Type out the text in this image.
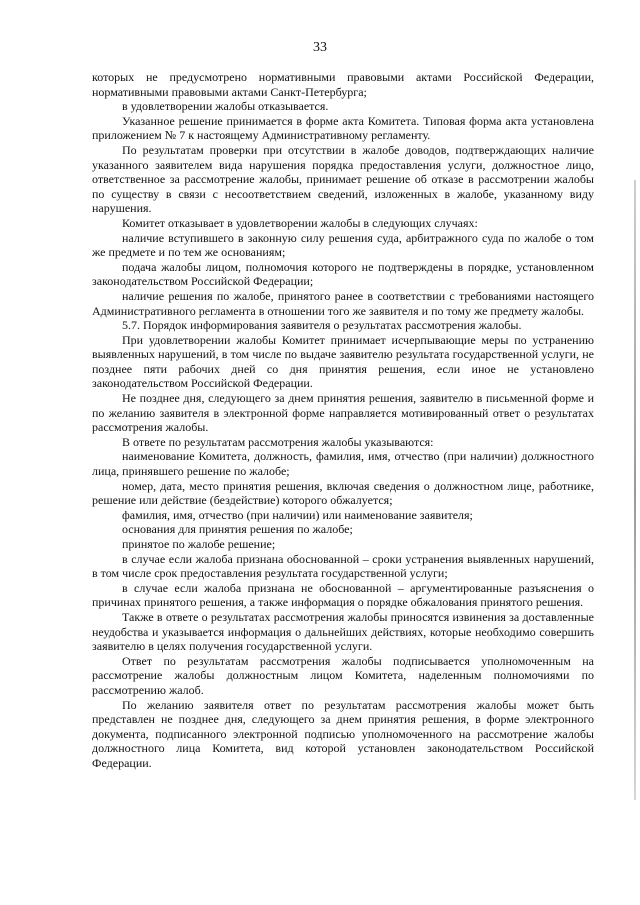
33

которых не предусмотрено нормативными правовыми актами Российской Федерации, нормативными правовыми актами Санкт-Петербурга;

в удовлетворении жалобы отказывается.

Указанное решение принимается в форме акта Комитета. Типовая форма акта установлена приложением № 7 к настоящему Административному регламенту.

По результатам проверки при отсутствии в жалобе доводов, подтверждающих наличие указанного заявителем вида нарушения порядка предоставления услуги, должностное лицо, ответственное за рассмотрение жалобы, принимает решение об отказе в рассмотрении жалобы по существу в связи с несоответствием сведений, изложенных в жалобе, указанному виду нарушения.

Комитет отказывает в удовлетворении жалобы в следующих случаях:

наличие вступившего в законную силу решения суда, арбитражного суда по жалобе о том же предмете и по тем же основаниям;

подача жалобы лицом, полномочия которого не подтверждены в порядке, установленном законодательством Российской Федерации;

наличие решения по жалобе, принятого ранее в соответствии с требованиями настоящего Административного регламента в отношении того же заявителя и по тому же предмету жалобы.

5.7. Порядок информирования заявителя о результатах рассмотрения жалобы.

При удовлетворении жалобы Комитет принимает исчерпывающие меры по устранению выявленных нарушений, в том числе по выдаче заявителю результата государственной услуги, не позднее пяти рабочих дней со дня принятия решения, если иное не установлено законодательством Российской Федерации.

Не позднее дня, следующего за днем принятия решения, заявителю в письменной форме и по желанию заявителя в электронной форме направляется мотивированный ответ о результатах рассмотрения жалобы.

В ответе по результатам рассмотрения жалобы указываются:

наименование Комитета, должность, фамилия, имя, отчество (при наличии) должностного лица, принявшего решение по жалобе;

номер, дата, место принятия решения, включая сведения о должностном лице, работнике, решение или действие (бездействие) которого обжалуется;

фамилия, имя, отчество (при наличии) или наименование заявителя;

основания для принятия решения по жалобе;

принятое по жалобе решение;

в случае если жалоба признана обоснованной – сроки устранения выявленных нарушений, в том числе срок предоставления результата государственной услуги;

в случае если жалоба признана не обоснованной – аргументированные разъяснения о причинах принятого решения, а также информация о порядке обжалования принятого решения.

Также в ответе о результатах рассмотрения жалобы приносятся извинения за доставленные неудобства и указывается информация о дальнейших действиях, которые необходимо совершить заявителю в целях получения государственной услуги.

Ответ по результатам рассмотрения жалобы подписывается уполномоченным на рассмотрение жалобы должностным лицом Комитета, наделенным полномочиями по рассмотрению жалоб.

По желанию заявителя ответ по результатам рассмотрения жалобы может быть представлен не позднее дня, следующего за днем принятия решения, в форме электронного документа, подписанного электронной подписью уполномоченного на рассмотрение жалобы должностного лица Комитета, вид которой установлен законодательством Российской Федерации.
